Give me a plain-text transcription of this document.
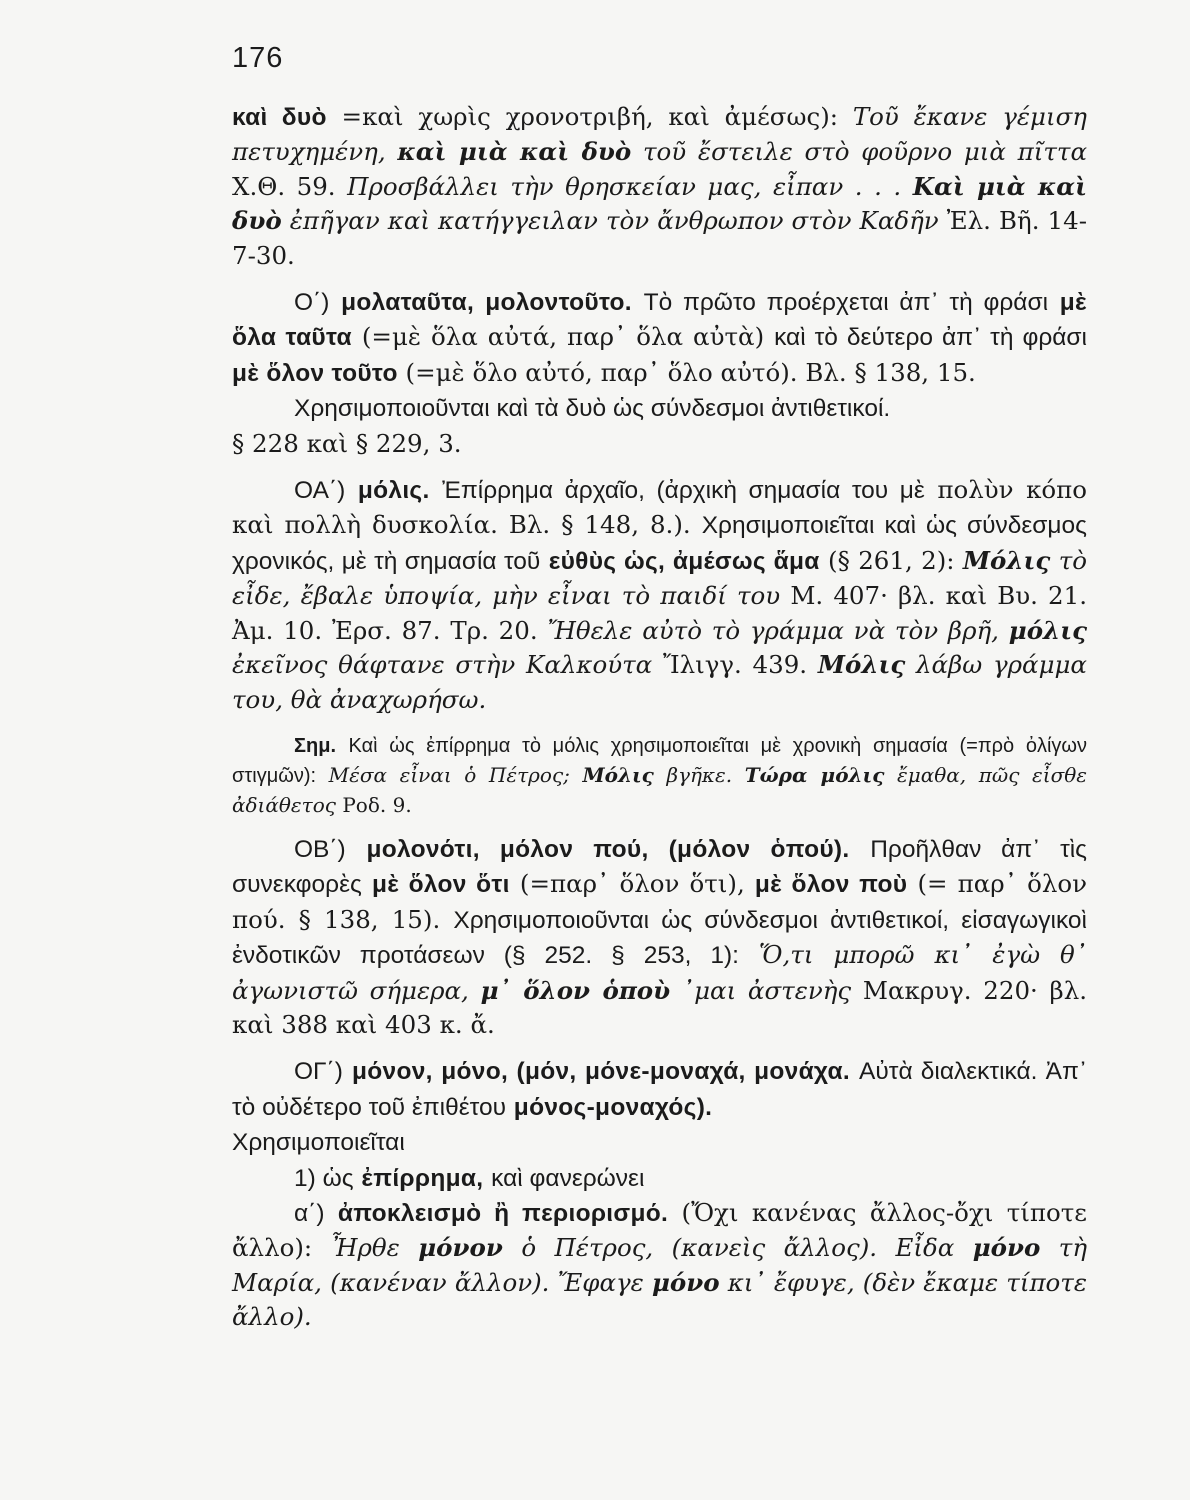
176

καὶ δυὸ =καὶ χωρὶς χρονοτριβή, καὶ ἀμέσως): Τοῦ ἔκανε γέμιση πετυχημένη, καὶ μιὰ καὶ δυὸ τοῦ ἔστειλε στὸ φοῦρνο μιὰ πῖττα Χ.Θ. 59. Προσβάλλει τὴν θρησκείαν μας, εἶπαν . . . Καὶ μιὰ καὶ δυὸ ἐπῆγαν καὶ κατήγγειλαν τὸν ἄνθρωπον στὸν Καδῆν Ἐλ. Βῆ. 14-7-30.

Ο΄) μολαταῦτα, μολοντοῦτο. Τὸ πρῶτο προέρχεται ἀπ᾿ τὴ φράσι μὲ ὅλα ταῦτα (=μὲ ὅλα αὐτά, παρ᾿ ὅλα αὐτὰ) καὶ τὸ δεύτερο ἀπ᾿ τὴ φράσι μὲ ὅλον τοῦτο (=μὲ ὅλο αὐτό, παρ᾿ ὅλο αὐτό). Βλ. § 138, 15.

Χρησιμοποιοῦνται καὶ τὰ δυὸ ὡς σύνδεσμοι ἀντιθετικοί.

§ 228 καὶ § 229, 3.

ΟΑ΄) μόλις. Ἐπίρρημα ἀρχαῖο, (ἀρχικὴ σημασία του μὲ πολὺν κόπο καὶ πολλὴ δυσκολία. Βλ. § 148, 8.). Χρησιμοποιεῖται καὶ ὡς σύνδεσμος χρονικός, μὲ τὴ σημασία τοῦ εὐθὺς ὡς, ἀμέσως ἅμα (§ 261, 2): Μόλις τὸ εἶδε, ἔβαλε ὑποψία, μὴν εἶναι τὸ παιδί του Μ. 407· βλ. καὶ Βυ. 21. Ἀμ. 10. Ἐρσ. 87. Τρ. 20. Ἤθελε αὐτὸ τὸ γράμμα νὰ τὸν βρῆ, μόλις ἐκεῖνος θάφτανε στὴν Καλκούτα Ἴλιγγ. 439. Μόλις λάβω γράμμα του, θὰ ἀναχωρήσω.

Σημ. Καὶ ὡς ἐπίρρημα τὸ μόλις χρησιμοποιεῖται μὲ χρονικὴ σημασία (=πρὸ ὀλίγων στιγμῶν): Μέσα εἶναι ὁ Πέτρος; Μόλις βγῆκε. Τώρα μόλις ἔμαθα, πῶς εἶσθε ἀδιάθετος Ροδ. 9.

ΟΒ΄) μολονότι, μόλον πού, (μόλον ὁπού). Προῆλθαν ἀπ᾿ τὶς συνεκφορὲς μὲ ὅλον ὅτι (=παρ᾿ ὅλον ὅτι), μὲ ὅλον ποὺ (= παρ᾿ ὅλον πού. § 138, 15). Χρησιμοποιοῦνται ὡς σύνδεσμοι ἀντιθετικοί, εἰσαγωγικοὶ ἐνδοτικῶν προτάσεων (§ 252. § 253, 1): Ὅ,τι μπορῶ κι᾿ ἐγὼ θ᾿ ἀγωνιστῶ σήμερα, μ᾿ ὅλον ὁποὺ ᾿μαι ἀστενὴς Μακρυγ. 220· βλ. καὶ 388 καὶ 403 κ. ἄ.

ΟΓ΄) μόνον, μόνο, (μόν, μόνε-μοναχά, μονάχα. Αὐτὰ διαλεκτικά. Ἀπ᾿ τὸ οὐδέτερο τοῦ ἐπιθέτου μόνος-μοναχός).

Χρησιμοποιεῖται

1) ὡς ἐπίρρημα, καὶ φανερώνει

α΄) ἀποκλεισμὸ ἢ περιορισμό. (Ὄχι κανένας ἄλλος-ὄχι τίποτε ἄλλο): Ἦρθε μόνον ὁ Πέτρος, (κανεὶς ἄλλος). Εἶδα μόνο τὴ Μαρία, (κανέναν ἄλλον). Ἔφαγε μόνο κι᾿ ἔφυγε, (δὲν ἔκαμε τίποτε ἄλλο).
